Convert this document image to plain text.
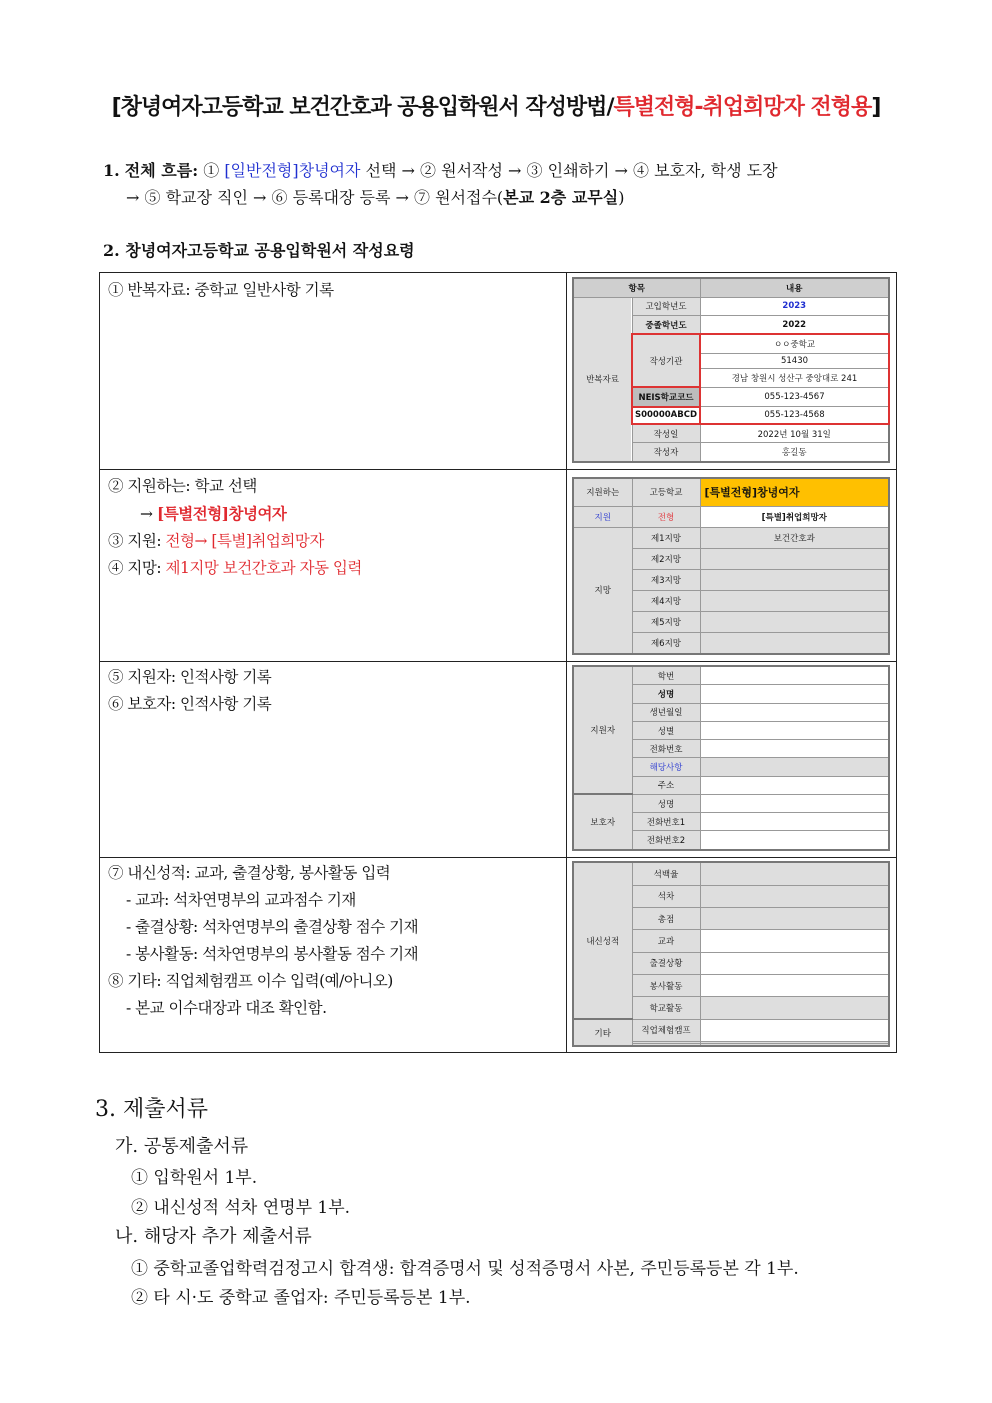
[창녕여자고등학교 보건간호과 공용입학원서 작성방법/특별전형-취업희망자 전형용]
1. 전체 흐름: ① [일반전형]창녕여자 선택 → ② 원서작성 → ③ 인쇄하기 → ④ 보호자, 학생 도장
→ ⑤ 학교장 직인 → ⑥ 등록대장 등록 → ⑦ 원서접수(본교 2층 교무실)
2. 창녕여자고등학교 공용입학원서 작성요령
① 반복자료: 중학교 일반사항 기록
② 지원하는: 학교 선택
→ [특별전형]창녕여자
③ 지원: 전형→ [특별]취업희망자
④ 지망: 제1지망 보건간호과 자동 입력
⑤ 지원자: 인적사항 기록
⑥ 보호자: 인적사항 기록
⑦ 내신성적: 교과, 출결상황, 봉사활동 입력
- 교과: 석차연명부의 교과점수 기재
- 출결상황: 석차연명부의 출결상황 점수 기재
- 봉사활동: 석차연명부의 봉사활동 점수 기재
⑧ 기타: 직업체험캠프 이수 입력(예/아니오)
- 본교 이수대장과 대조 확인함.
항목		내용
반복자료	고입학년도	2023
	중졸학년도	2022
	작성기관	ㅇㅇ중학교
		51430
		경남 창원시 성산구 중앙대로 241
	NEIS학교코드	055-123-4567
	S00000ABCD	055-123-4568
	작성일	2022년 10월 31일
	작성자	홍길동
지원하는	고등학교	[특별전형]창녕여자
지원	전형	[특별]취업희망자
지망	제1지망	보건간호과
	제2지망	
	제3지망	
	제4지망	
	제5지망	
	제6지망	
지원자	학번	
	성명	
	생년월일	
	성별	
	전화번호	
	해당사항	
	주소	
보호자	성명	
	전화번호1	
	전화번호2	
내신성적	석백율	
	석차	
	총점	
	교과	
	출결상황	
	봉사활동	
	학교활동	
기타	직업체험캠프	

3. 제출서류
가. 공통제출서류
① 입학원서 1부.
② 내신성적 석차 연명부 1부.
나. 해당자 추가 제출서류
① 중학교졸업학력검정고시 합격생: 합격증명서 및 성적증명서 사본, 주민등록등본 각 1부.
② 타 시·도 중학교 졸업자: 주민등록등본 1부.
